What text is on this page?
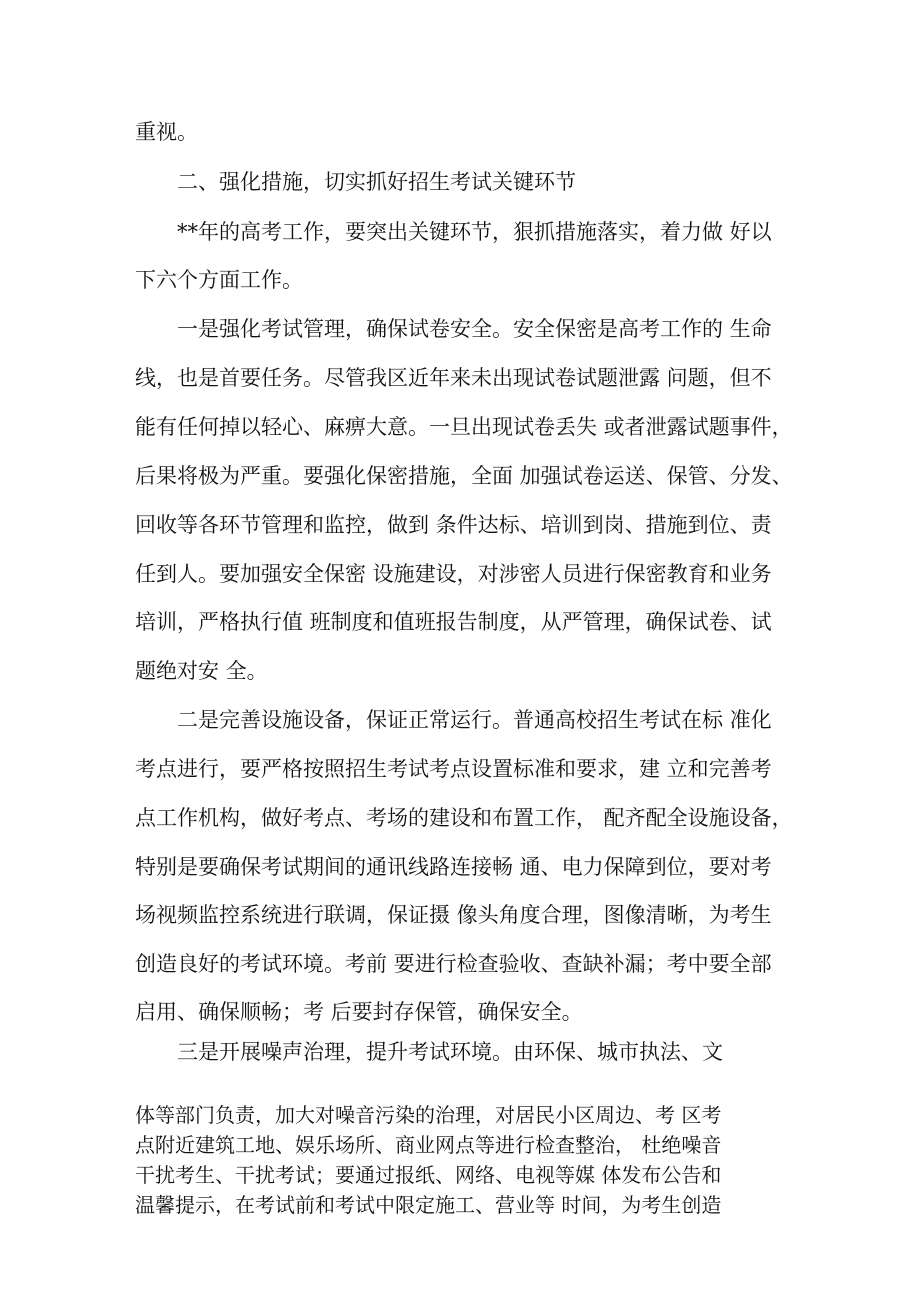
重视。
二、强化措施，切实抓好招生考试关键环节
**年的高考工作，要突出关键环节，狠抓措施落实，着力做 好以
下六个方面工作。
一是强化考试管理，确保试卷安全。安全保密是高考工作的 生命
线，也是首要任务。尽管我区近年来未出现试卷试题泄露 问题，但不
能有任何掉以轻心、麻痹大意。一旦出现试卷丢失 或者泄露试题事件，
后果将极为严重。要强化保密措施，全面 加强试卷运送、保管、分发、
回收等各环节管理和监控，做到 条件达标、培训到岗、措施到位、责
任到人。要加强安全保密 设施建设，对涉密人员进行保密教育和业务
培训，严格执行值 班制度和值班报告制度，从严管理，确保试卷、试
题绝对安 全。
二是完善设施设备，保证正常运行。普通高校招生考试在标 准化
考点进行，要严格按照招生考试考点设置标准和要求，建 立和完善考
点工作机构，做好考点、考场的建设和布置工作， 配齐配全设施设备，
特别是要确保考试期间的通讯线路连接畅 通、电力保障到位，要对考
场视频监控系统进行联调，保证摄 像头角度合理，图像清晰，为考生
创造良好的考试环境。考前 要进行检查验收、查缺补漏；考中要全部
启用、确保顺畅；考 后要封存保管，确保安全。
三是开展噪声治理，提升考试环境。由环保、城市执法、文
体等部门负责，加大对噪音污染的治理，对居民小区周边、考 区考
点附近建筑工地、娱乐场所、商业网点等进行检查整治， 杜绝噪音
干扰考生、干扰考试；要通过报纸、网络、电视等媒 体发布公告和
温馨提示，在考试前和考试中限定施工、营业等 时间，为考生创造
